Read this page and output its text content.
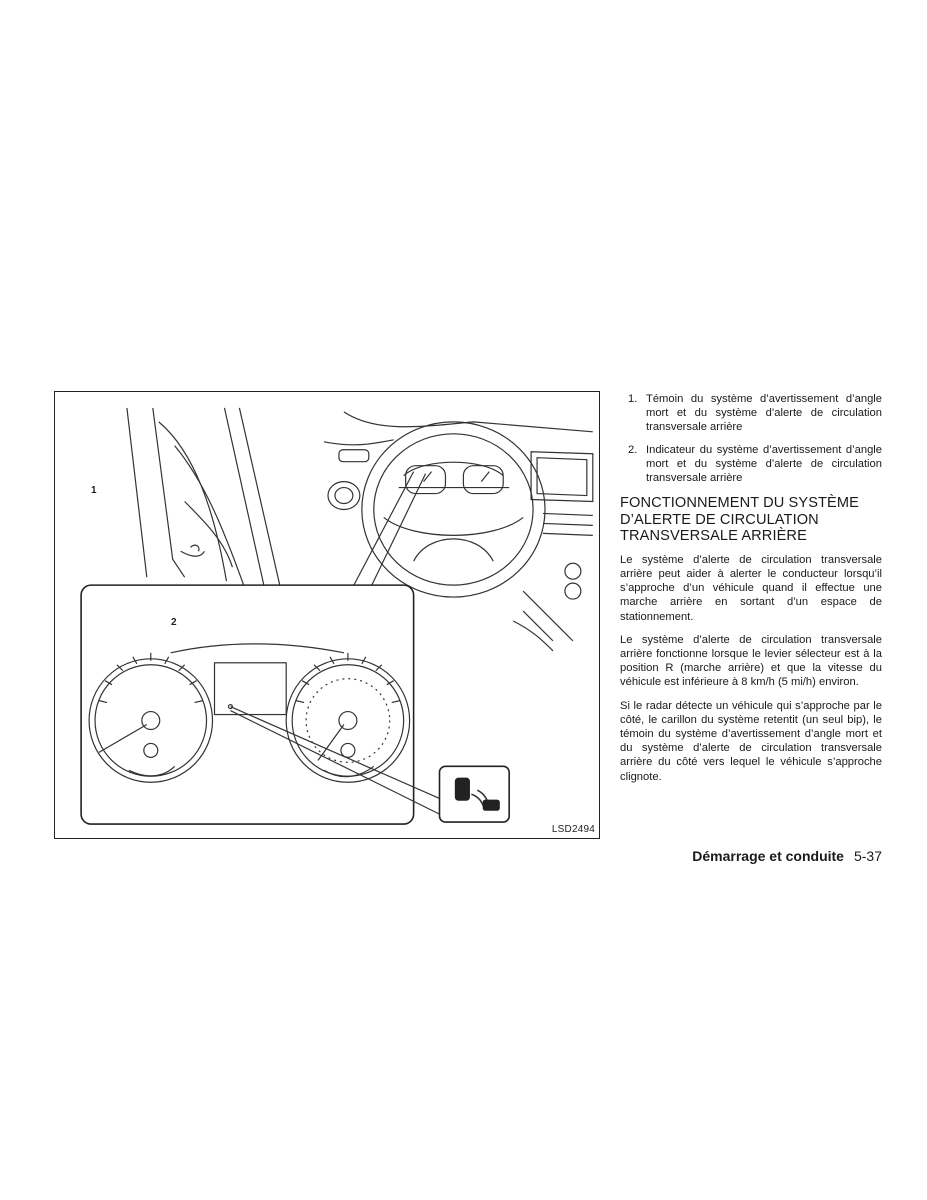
1
2
LSD2494
1. Témoin du système d’avertissement d’angle mort et du système d’alerte de circulation transversale arrière
2. Indicateur du système d’avertissement d’angle mort et du système d’alerte de circulation transversale arrière
FONCTIONNEMENT DU SYSTÈME D’ALERTE DE CIRCULATION TRANSVERSALE ARRIÈRE

Le système d’alerte de circulation transversale arrière peut aider à alerter le conducteur lorsqu’il s’approche d’un véhicule quand il effectue une marche arrière en sortant d’un espace de stationnement.

Le système d’alerte de circulation transversale arrière fonctionne lorsque le levier sélecteur est à la position R (marche arrière) et que la vitesse du véhicule est inférieure à 8 km/h (5 mi/h) environ.

Si le radar détecte un véhicule qui s’approche par le côté, le carillon du système retentit (un seul bip), le témoin du système d’avertissement d’angle mort et du système d’alerte de circulation transversale arrière du côté vers lequel le véhicule s’approche clignote.

Démarrage et conduite 5-37
